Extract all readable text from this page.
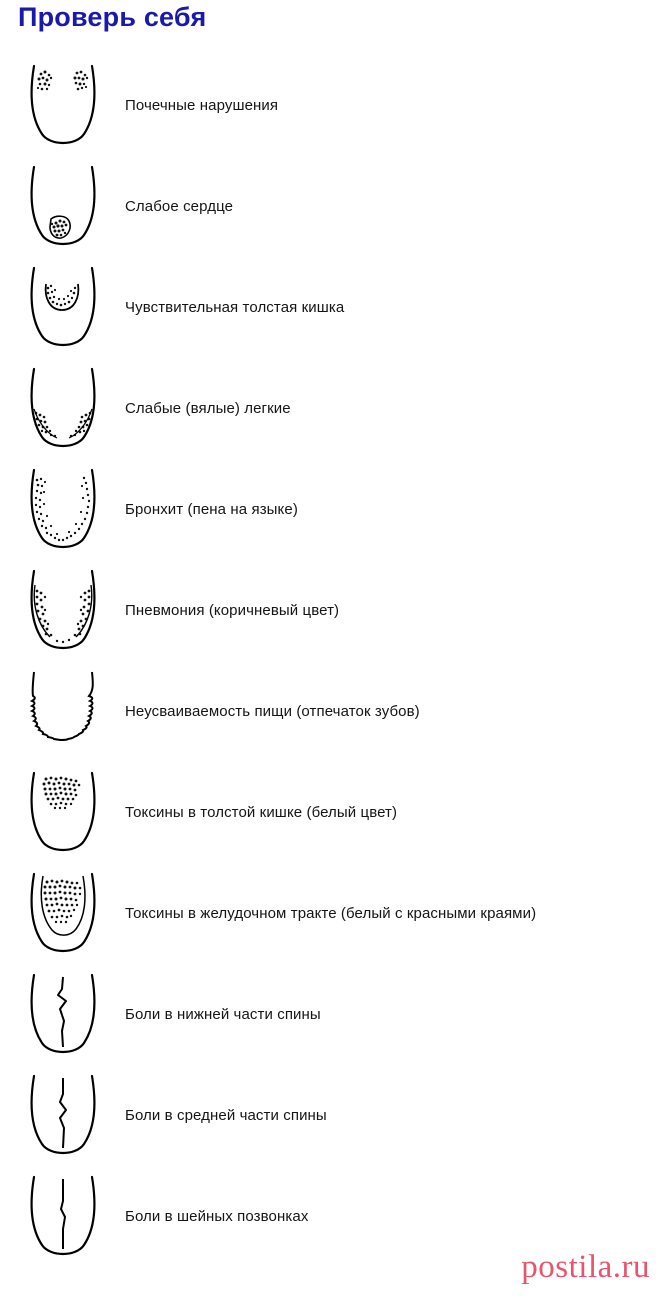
Проверь себя
Почечные нарушения
Слабое сердце
Чувствительная толстая кишка
Слабые (вялые) легкие
Бронхит (пена на языке)
Пневмония (коричневый цвет)
Неусваиваемость пищи (отпечаток зубов)
Токсины в толстой кишке (белый цвет)
Токсины в желудочном тракте (белый с красными краями)
Боли в нижней части спины
Боли в средней части спины
Боли в шейных позвонках
postila.ru
